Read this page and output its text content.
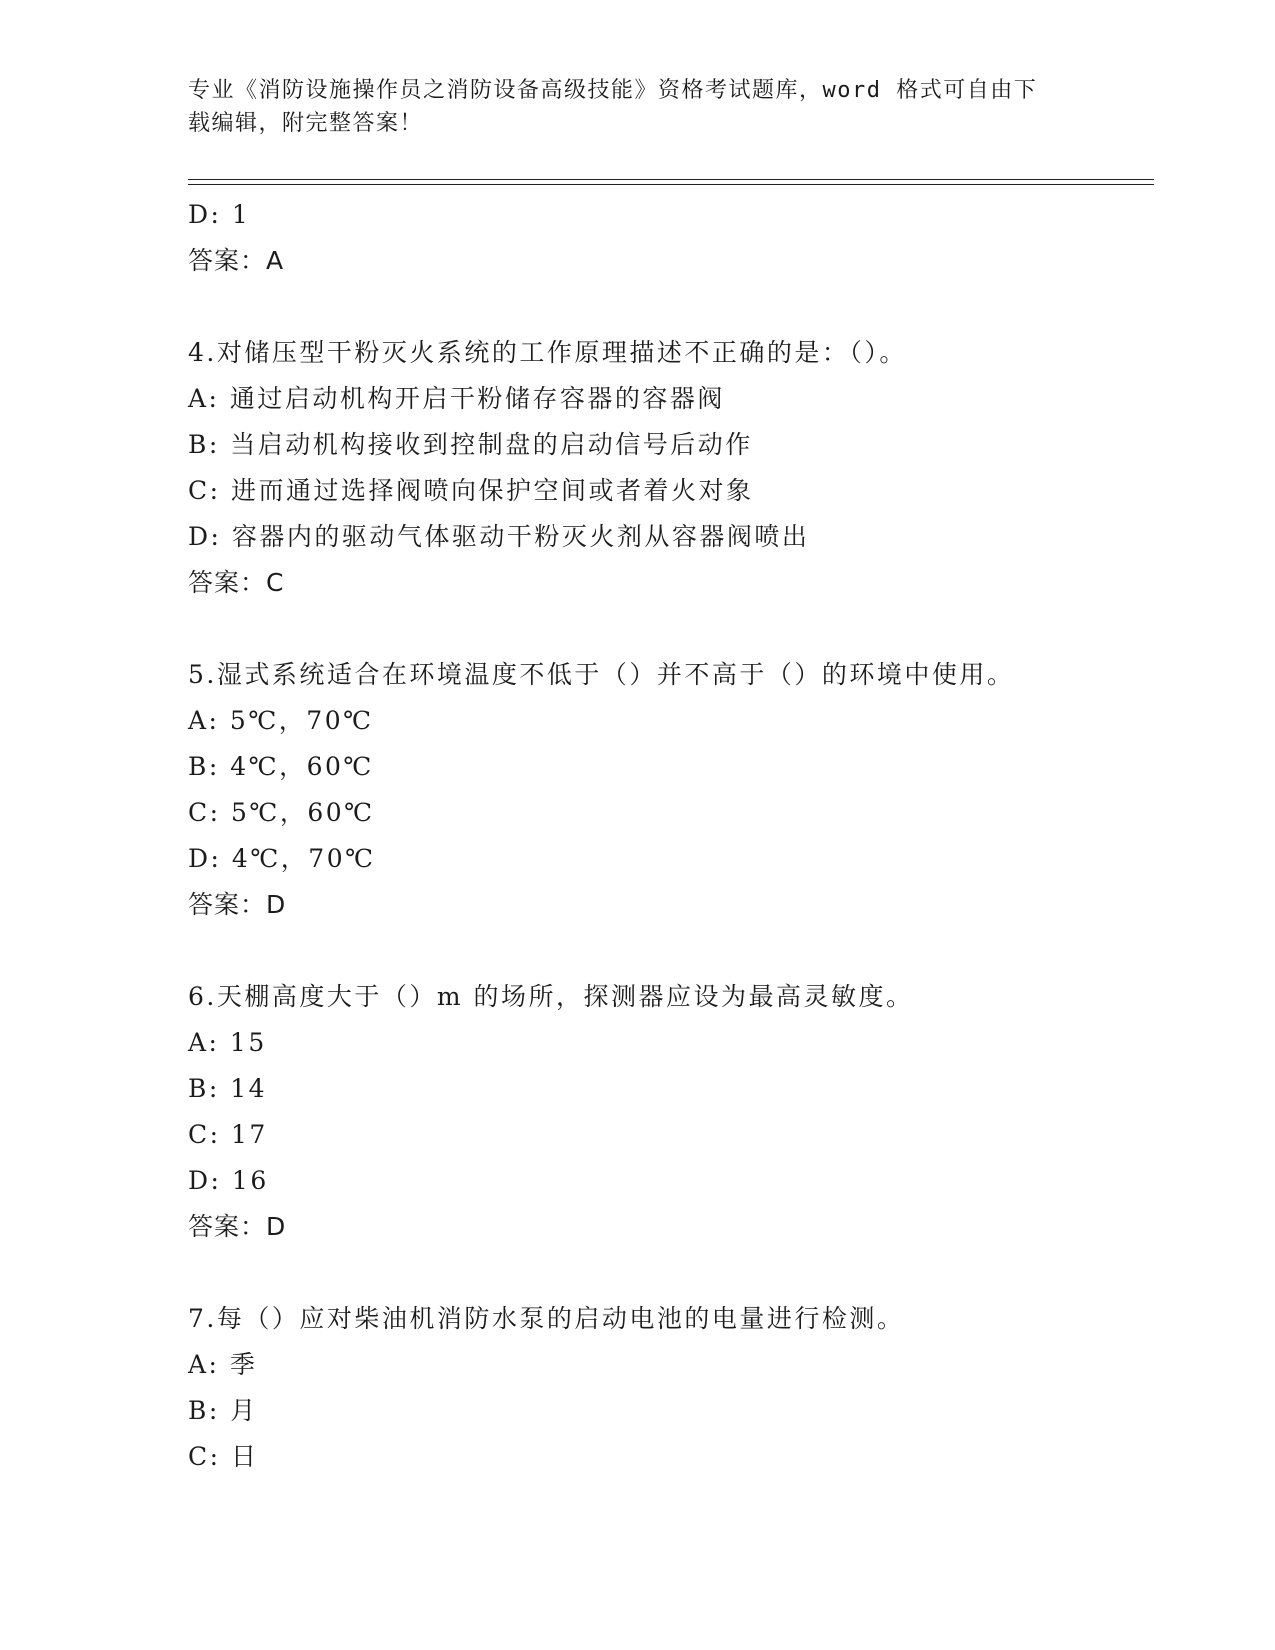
专业《消防设施操作员之消防设备高级技能》资格考试题库，word 格式可自由下
载编辑，附完整答案！
D: 1
答案：A
4.对储压型干粉灭火系统的工作原理描述不正确的是：（）。
A: 通过启动机构开启干粉储存容器的容器阀
B: 当启动机构接收到控制盘的启动信号后动作
C: 进而通过选择阀喷向保护空间或者着火对象
D: 容器内的驱动气体驱动干粉灭火剂从容器阀喷出
答案：C
5.湿式系统适合在环境温度不低于（）并不高于（）的环境中使用。
A: 5℃，70℃
B: 4℃，60℃
C: 5℃，60℃
D: 4℃，70℃
答案：D
6.天棚高度大于（）m 的场所，探测器应设为最高灵敏度。
A: 15
B: 14
C: 17
D: 16
答案：D
7.每（）应对柴油机消防水泵的启动电池的电量进行检测。
A: 季
B: 月
C: 日
